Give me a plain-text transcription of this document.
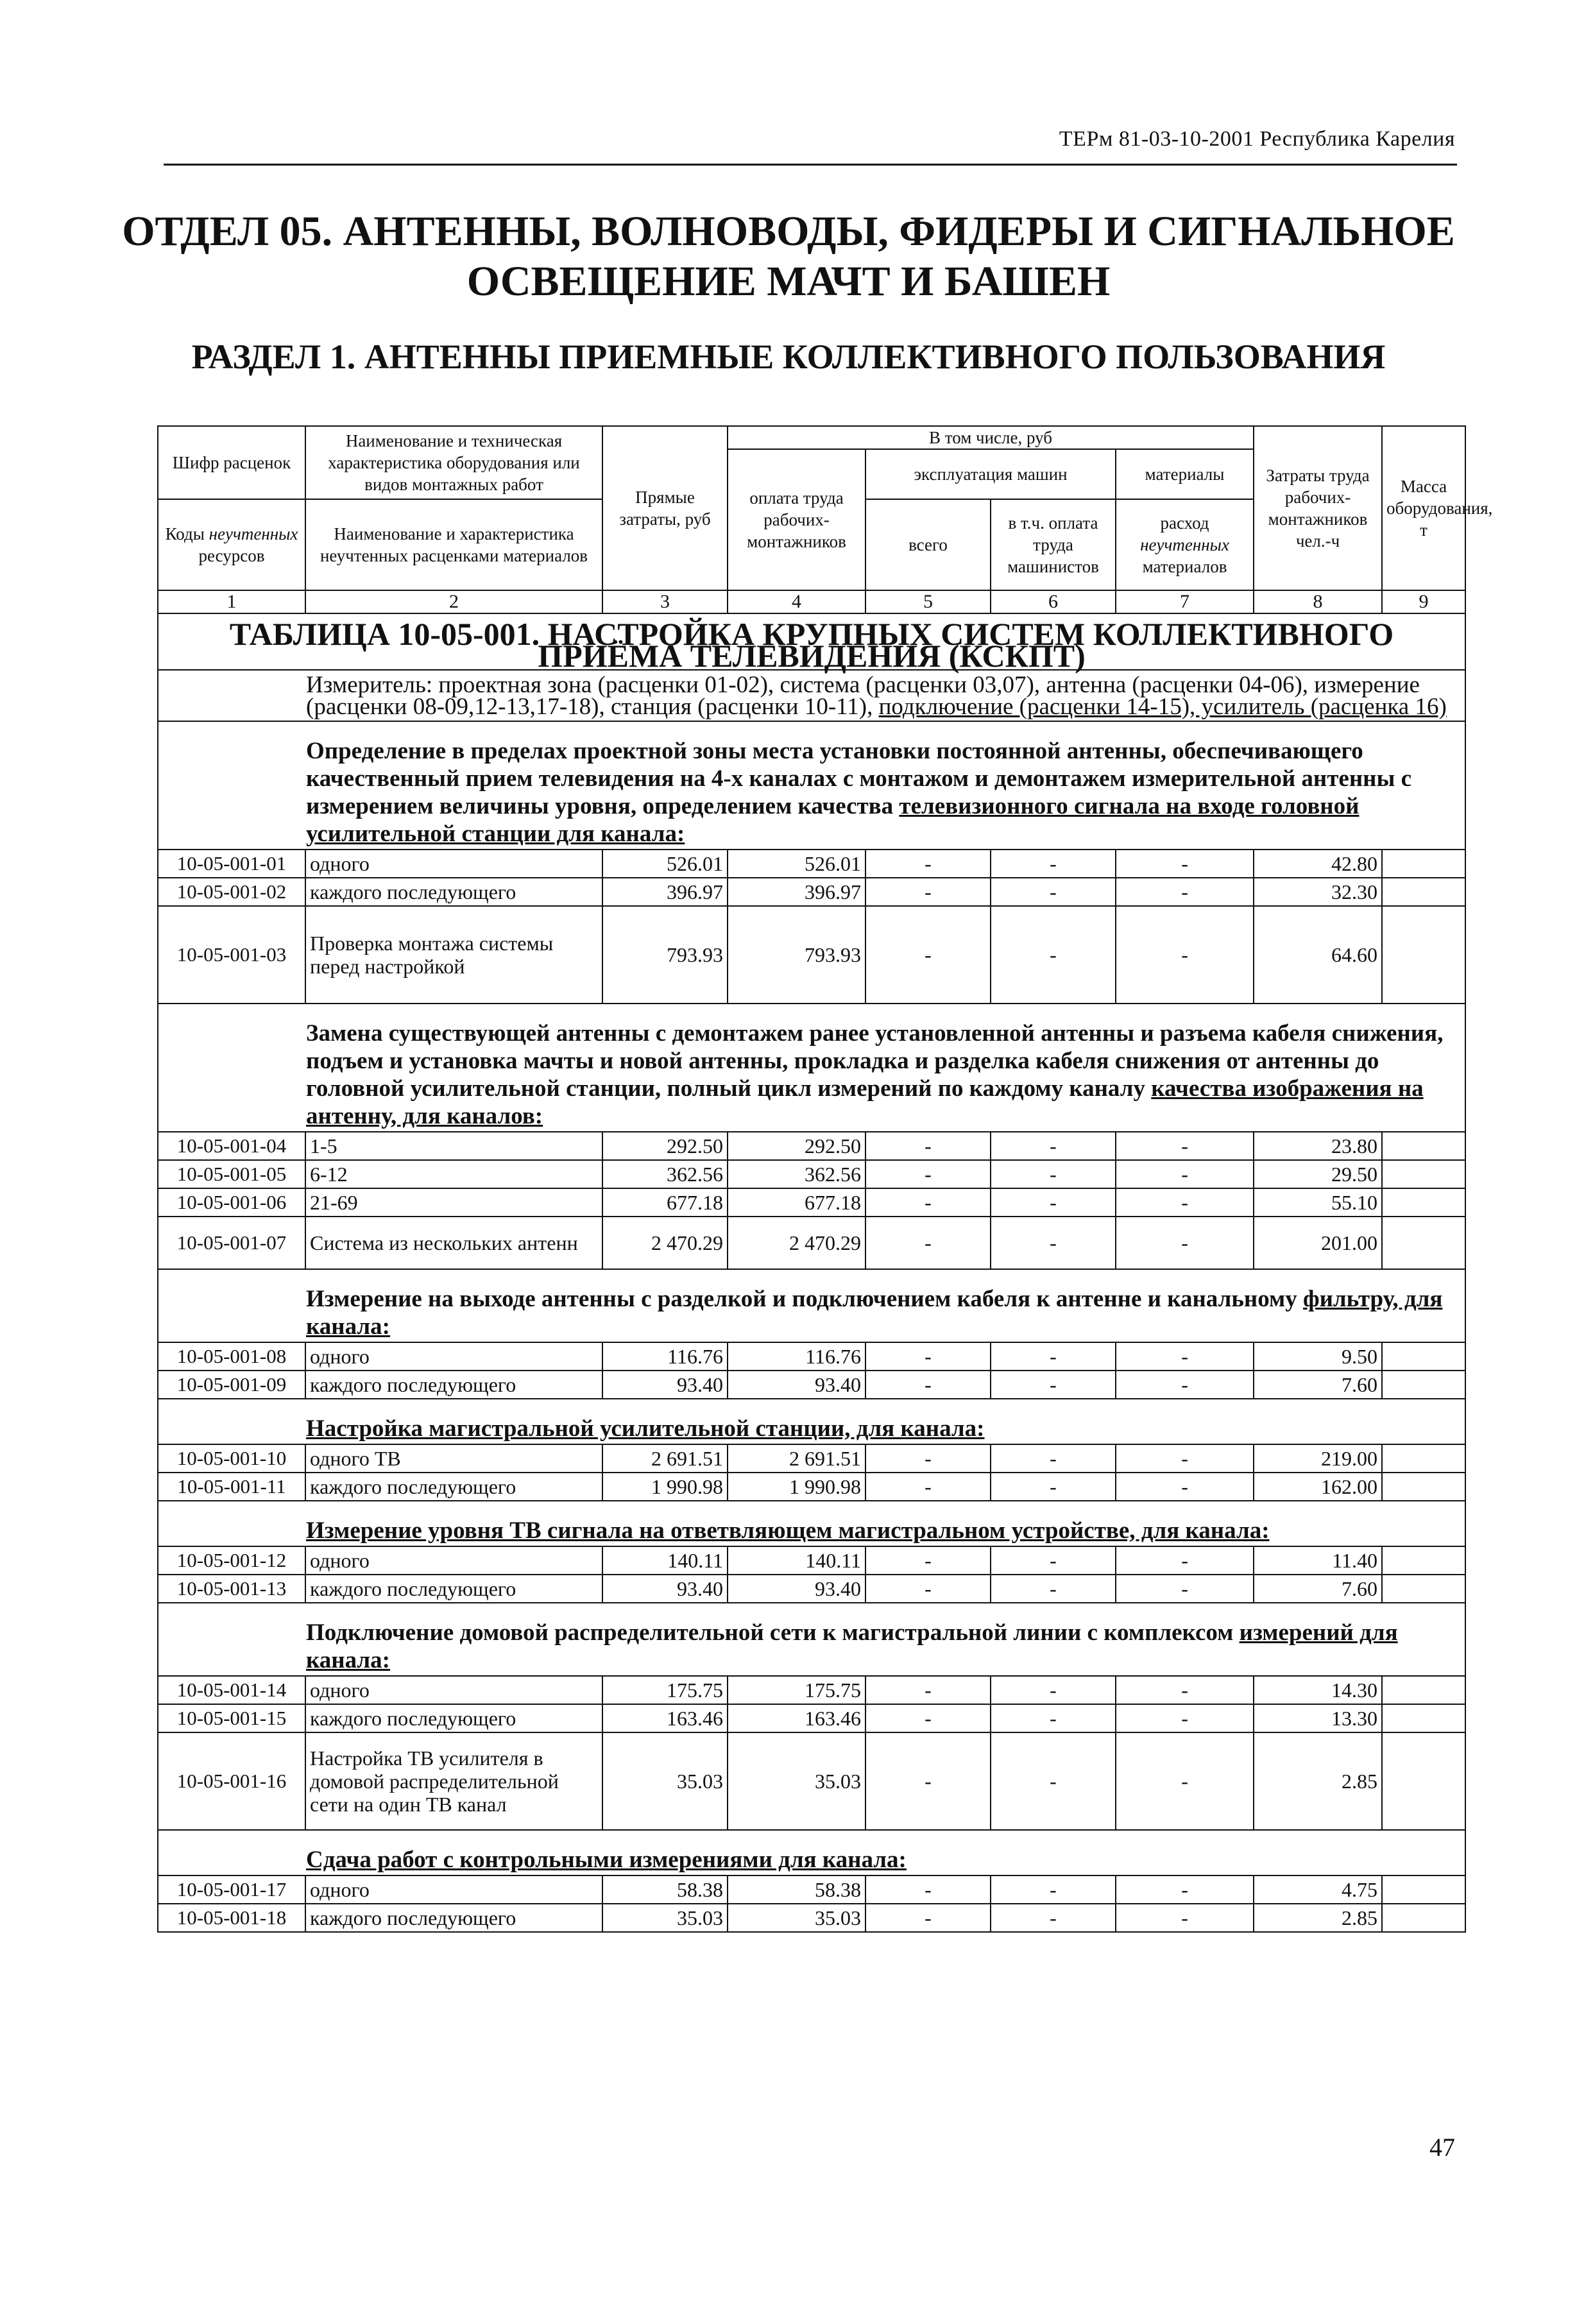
ТЕРм 81-03-10-2001 Республика Карелия
ОТДЕЛ 05. АНТЕННЫ, ВОЛНОВОДЫ, ФИДЕРЫ И СИГНАЛЬНОЕ
ОСВЕЩЕНИЕ МАЧТ И БАШЕН
РАЗДЕЛ 1. АНТЕННЫ ПРИЕМНЫЕ КОЛЛЕКТИВНОГО ПОЛЬЗОВАНИЯ
Шифр расценок	Наименование и техническая характеристика оборудования или видов монтажных работ	Прямые затраты, руб	В том числе, руб				Затраты труда рабочих-монтажников чел.-ч	Масса оборудования, т
			оплата труда рабочих-монтажников	эксплуатация машин		материалы		
Коды неучтенных ресурсов	Наименование и характеристика неучтенных расценками материалов			всего	в т.ч. оплата труда машинистов	расход неучтенных материалов		

1	2	3	4	5	6	7	8	9
ТАБЛИЦА 10-05-001. НАСТРОЙКА КРУПНЫХ СИСТЕМ КОЛЛЕКТИВНОГО ПРИЁМА ТЕЛЕВИДЕНИЯ (КСКПТ)								
Измеритель: проектная зона (расценки 01-02), система (расценки 03,07), антенна (расценки 04-06), измерение (расценки 08-09,12-13,17-18), станция (расценки 10-11), подключение (расценки 14-15), усилитель (расценка 16)								
Определение в пределах проектной зоны места установки постоянной антенны, обеспечивающего качественный прием телевидения на 4-х каналах с монтажом и демонтажем измерительной антенны с измерением величины уровня, определением качества телевизионного сигнала на входе головной усилительной станции для канала:								
10-05-001-01	одного	526.01	526.01	-	-	-	42.80	
10-05-001-02	каждого последующего	396.97	396.97	-	-	-	32.30	
10-05-001-03	Проверка монтажа системы перед настройкой	793.93	793.93	-	-	-	64.60	
Замена существующей антенны с демонтажем ранее установленной антенны и разъема кабеля снижения, подъем и установка мачты и новой антенны, прокладка и разделка кабеля снижения от антенны до головной усилительной станции, полный цикл измерений по каждому каналу качества изображения на антенну, для каналов:								
10-05-001-04	1-5	292.50	292.50	-	-	-	23.80	
10-05-001-05	6-12	362.56	362.56	-	-	-	29.50	
10-05-001-06	21-69	677.18	677.18	-	-	-	55.10	
10-05-001-07	Система из нескольких антенн	2 470.29	2 470.29	-	-	-	201.00	
Измерение на выходе антенны с разделкой и подключением кабеля к антенне и канальному фильтру, для канала:								
10-05-001-08	одного	116.76	116.76	-	-	-	9.50	
10-05-001-09	каждого последующего	93.40	93.40	-	-	-	7.60	
Настройка магистральной усилительной станции, для канала:								
10-05-001-10	одного ТВ	2 691.51	2 691.51	-	-	-	219.00	
10-05-001-11	каждого последующего	1 990.98	1 990.98	-	-	-	162.00	
Измерение уровня ТВ сигнала на ответвляющем магистральном устройстве, для канала:								
10-05-001-12	одного	140.11	140.11	-	-	-	11.40	
10-05-001-13	каждого последующего	93.40	93.40	-	-	-	7.60	
Подключение домовой распределительной сети к магистральной линии с комплексом измерений для канала:								
10-05-001-14	одного	175.75	175.75	-	-	-	14.30	
10-05-001-15	каждого последующего	163.46	163.46	-	-	-	13.30	
10-05-001-16	Настройка ТВ усилителя в домовой распределительной сети на один ТВ канал	35.03	35.03	-	-	-	2.85	
Сдача работ с контрольными измерениями для канала:								
10-05-001-17	одного	58.38	58.38	-	-	-	4.75	
10-05-001-18	каждого последующего	35.03	35.03	-	-	-	2.85	
47
